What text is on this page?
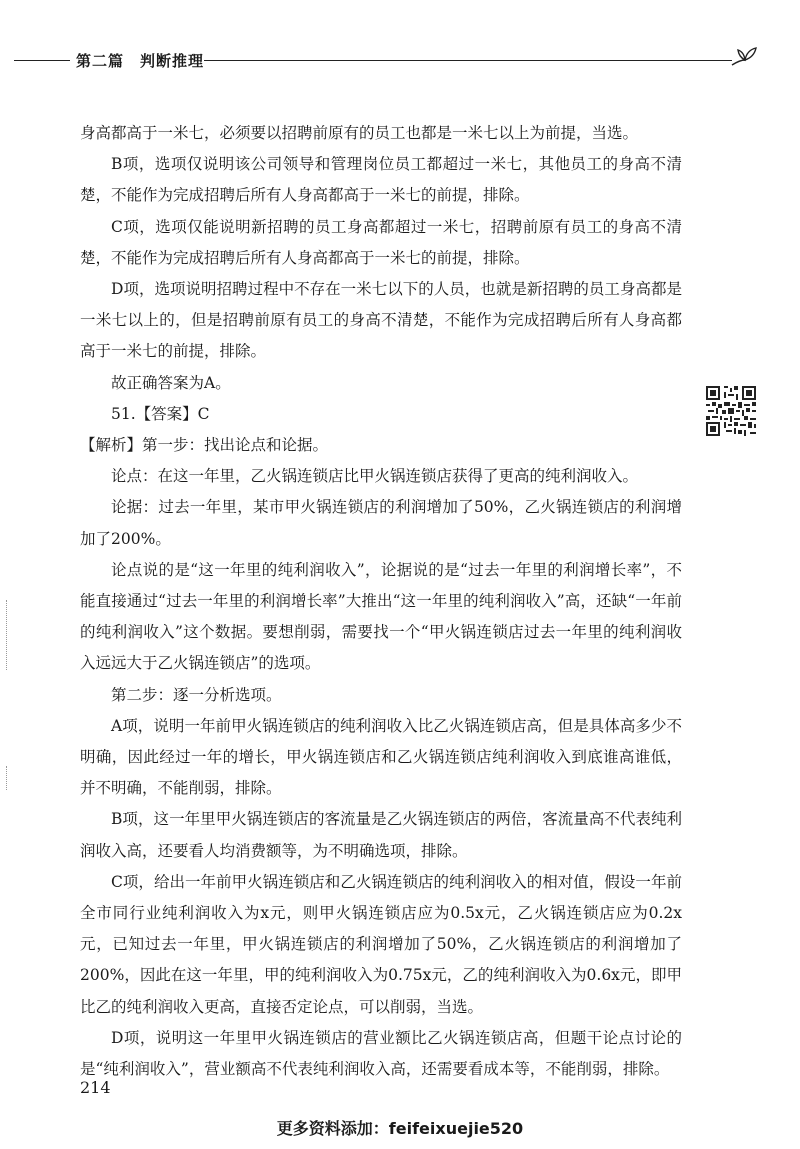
第二篇　判断推理

身高都高于一米七，必须要以招聘前原有的员工也都是一米七以上为前提，当选。

B项，选项仅说明该公司领导和管理岗位员工都超过一米七，其他员工的身高不清楚，不能作为完成招聘后所有人身高都高于一米七的前提，排除。

C项，选项仅能说明新招聘的员工身高都超过一米七，招聘前原有员工的身高不清楚，不能作为完成招聘后所有人身高都高于一米七的前提，排除。

D项，选项说明招聘过程中不存在一米七以下的人员，也就是新招聘的员工身高都是一米七以上的，但是招聘前原有员工的身高不清楚，不能作为完成招聘后所有人身高都高于一米七的前提，排除。

故正确答案为A。

51.【答案】C

【解析】第一步：找出论点和论据。

论点：在这一年里，乙火锅连锁店比甲火锅连锁店获得了更高的纯利润收入。

论据：过去一年里，某市甲火锅连锁店的利润增加了50%，乙火锅连锁店的利润增加了200%。

论点说的是“这一年里的纯利润收入”，论据说的是“过去一年里的利润增长率”，不能直接通过“过去一年里的利润增长率”大推出“这一年里的纯利润收入”高，还缺“一年前的纯利润收入”这个数据。要想削弱，需要找一个“甲火锅连锁店过去一年里的纯利润收入远远大于乙火锅连锁店”的选项。

第二步：逐一分析选项。

A项，说明一年前甲火锅连锁店的纯利润收入比乙火锅连锁店高，但是具体高多少不明确，因此经过一年的增长，甲火锅连锁店和乙火锅连锁店纯利润收入到底谁高谁低，并不明确，不能削弱，排除。

B项，这一年里甲火锅连锁店的客流量是乙火锅连锁店的两倍，客流量高不代表纯利润收入高，还要看人均消费额等，为不明确选项，排除。

C项，给出一年前甲火锅连锁店和乙火锅连锁店的纯利润收入的相对值，假设一年前全市同行业纯利润收入为x元，则甲火锅连锁店应为0.5x元，乙火锅连锁店应为0.2x元，已知过去一年里，甲火锅连锁店的利润增加了50%，乙火锅连锁店的利润增加了200%，因此在这一年里，甲的纯利润收入为0.75x元，乙的纯利润收入为0.6x元，即甲比乙的纯利润收入更高，直接否定论点，可以削弱，当选。

D项，说明这一年里甲火锅连锁店的营业额比乙火锅连锁店高，但题干论点讨论的是“纯利润收入”，营业额高不代表纯利润收入高，还需要看成本等，不能削弱，排除。

214
更多资料添加：feifeixuejie520
